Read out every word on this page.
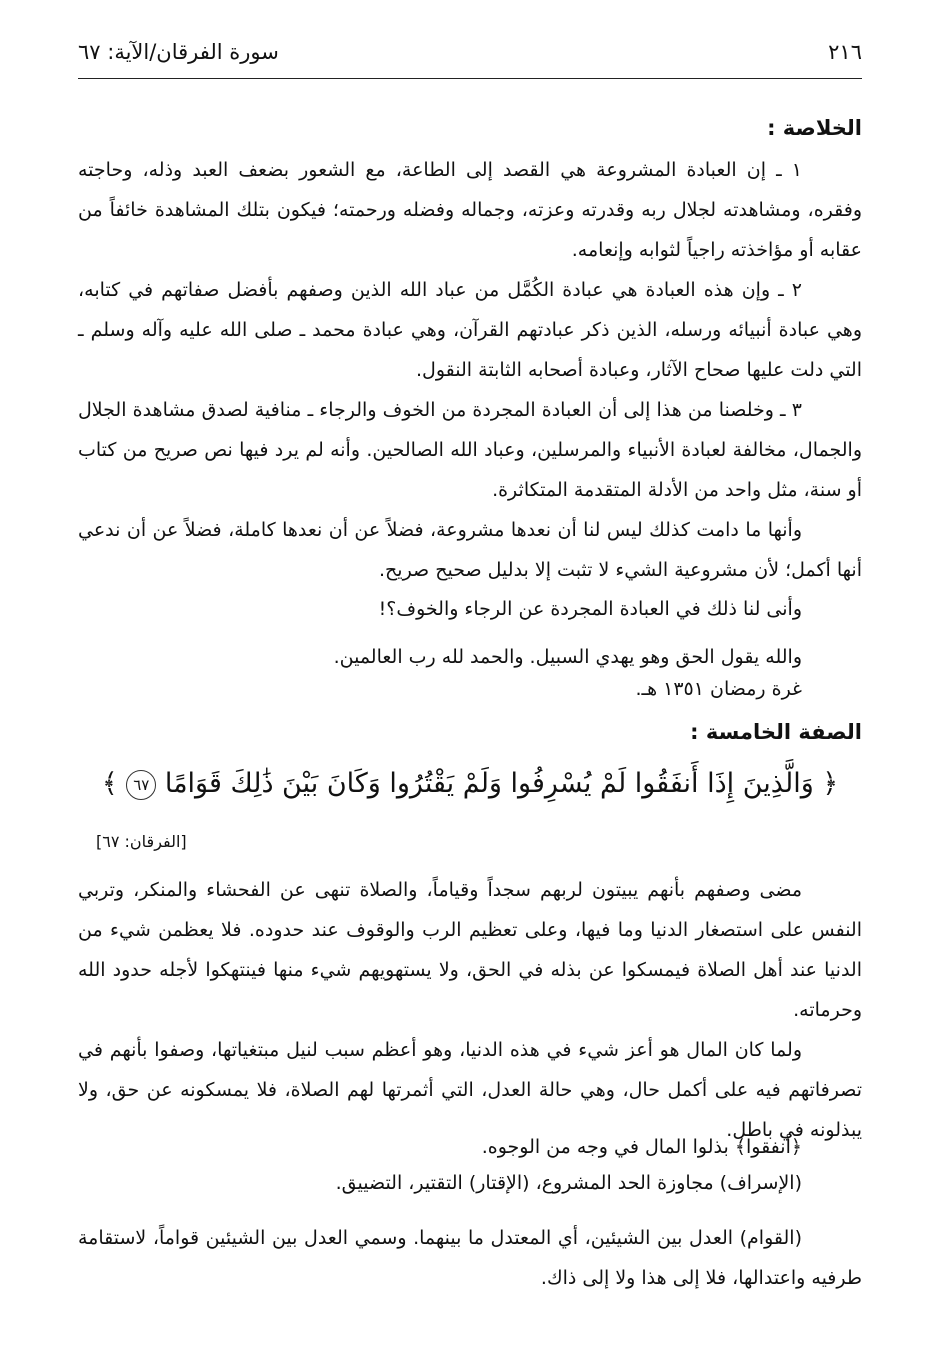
٢١٦
سورة الفرقان/الآية: ٦٧
الخلاصة :
١ ـ إن العبادة المشروعة هي القصد إلى الطاعة، مع الشعور بضعف العبد وذله، وحاجته وفقره، ومشاهدته لجلال ربه وقدرته وعزته، وجماله وفضله ورحمته؛ فيكون بتلك المشاهدة خائفاً من عقابه أو مؤاخذته راجياً لثوابه وإنعامه.
٢ ـ وإن هذه العبادة هي عبادة الكُمَّل من عباد الله الذين وصفهم بأفضل صفاتهم في كتابه، وهي عبادة أنبيائه ورسله، الذين ذكر عبادتهم القرآن، وهي عبادة محمد ـ صلى الله عليه وآله وسلم ـ التي دلت عليها صحاح الآثار، وعبادة أصحابه الثابتة النقول.
٣ ـ وخلصنا من هذا إلى أن العبادة المجردة من الخوف والرجاء ـ منافية لصدق مشاهدة الجلال والجمال، مخالفة لعبادة الأنبياء والمرسلين، وعباد الله الصالحين. وأنه لم يرد فيها نص صريح من كتاب أو سنة، مثل واحد من الأدلة المتقدمة المتكاثرة.
وأنها ما دامت كذلك ليس لنا أن نعدها مشروعة، فضلاً عن أن نعدها كاملة، فضلاً عن أن ندعي أنها أكمل؛ لأن مشروعية الشيء لا تثبت إلا بدليل صحيح صريح.
وأنى لنا ذلك في العبادة المجردة عن الرجاء والخوف؟!
والله يقول الحق وهو يهدي السبيل. والحمد لله رب العالمين.
غرة رمضان ١٣٥١ هـ.
الصفة الخامسة :
﴿ وَالَّذِينَ إِذَا أَنفَقُوا لَمْ يُسْرِفُوا وَلَمْ يَقْتُرُوا وَكَانَ بَيْنَ ذَٰلِكَ قَوَامًا ٦٧ ﴾
[الفرقان: ٦٧]
مضى وصفهم بأنهم يبيتون لربهم سجداً وقياماً، والصلاة تنهى عن الفحشاء والمنكر، وتربي النفس على استصغار الدنيا وما فيها، وعلى تعظيم الرب والوقوف عند حدوده. فلا يعظمن شيء من الدنيا عند أهل الصلاة فيمسكوا عن بذله في الحق، ولا يستهويهم شيء منها فينتهكوا لأجله حدود الله وحرماته.
ولما كان المال هو أعز شيء في هذه الدنيا، وهو أعظم سبب لنيل مبتغياتها، وصفوا بأنهم في تصرفاتهم فيه على أكمل حال، وهي حالة العدل، التي أثمرتها لهم الصلاة، فلا يمسكونه عن حق، ولا يبذلونه في باطل.
﴿أنفقوا﴾ بذلوا المال في وجه من الوجوه.
(الإسراف) مجاوزة الحد المشروع، (الإقتار) التقتير، التضييق.
(القوام) العدل بين الشيئين، أي المعتدل ما بينهما. وسمي العدل بين الشيئين قواماً، لاستقامة طرفيه واعتدالها، فلا إلى هذا ولا إلى ذاك.
